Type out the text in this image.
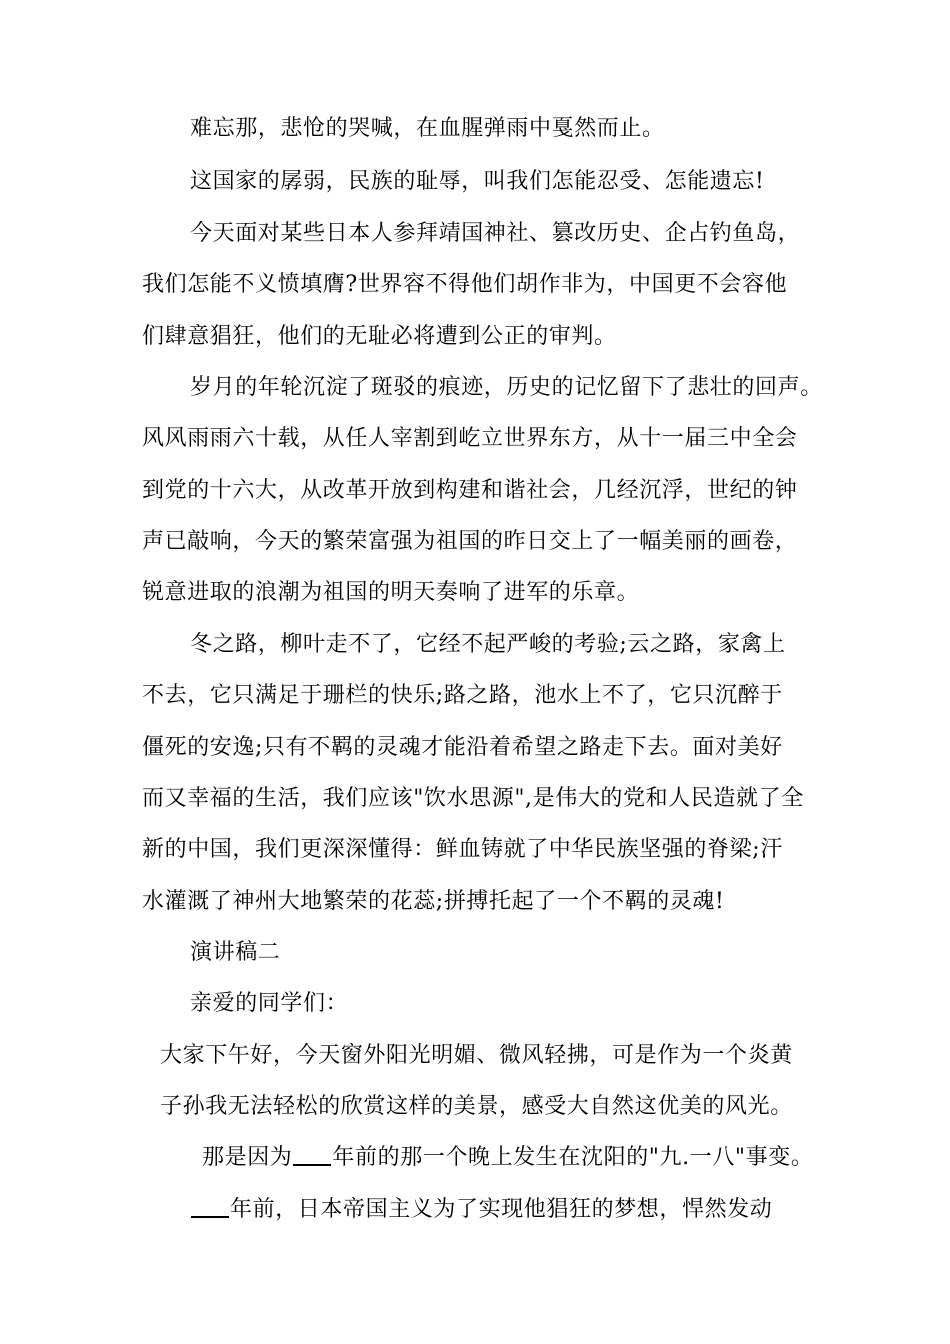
难忘那，悲怆的哭喊，在血腥弹雨中戛然而止。
这国家的孱弱，民族的耻辱，叫我们怎能忍受、怎能遗忘!
今天面对某些日本人参拜靖国神社、篡改历史、企占钓鱼岛，
我们怎能不义愤填膺?世界容不得他们胡作非为，中国更不会容他
们肆意猖狂，他们的无耻必将遭到公正的审判。
岁月的年轮沉淀了斑驳的痕迹，历史的记忆留下了悲壮的回声。
风风雨雨六十载，从任人宰割到屹立世界东方，从十一届三中全会
到党的十六大，从改革开放到构建和谐社会，几经沉浮，世纪的钟
声已敲响，今天的繁荣富强为祖国的昨日交上了一幅美丽的画卷，
锐意进取的浪潮为祖国的明天奏响了进军的乐章。
冬之路，柳叶走不了，它经不起严峻的考验;云之路，家禽上
不去，它只满足于珊栏的快乐;路之路，池水上不了，它只沉醉于
僵死的安逸;只有不羁的灵魂才能沿着希望之路走下去。面对美好
而又幸福的生活，我们应该"饮水思源",是伟大的党和人民造就了全
新的中国，我们更深深懂得：鲜血铸就了中华民族坚强的脊梁;汗
水灌溉了神州大地繁荣的花蕊;拼搏托起了一个不羁的灵魂!
演讲稿二
亲爱的同学们：
大家下午好，今天窗外阳光明媚、微风轻拂，可是作为一个炎黄
子孙我无法轻松的欣赏这样的美景，感受大自然这优美的风光。
那是因为 年前的那一个晚上发生在沈阳的"九.一八"事变。
年前，日本帝国主义为了实现他猖狂的梦想，悍然发动
